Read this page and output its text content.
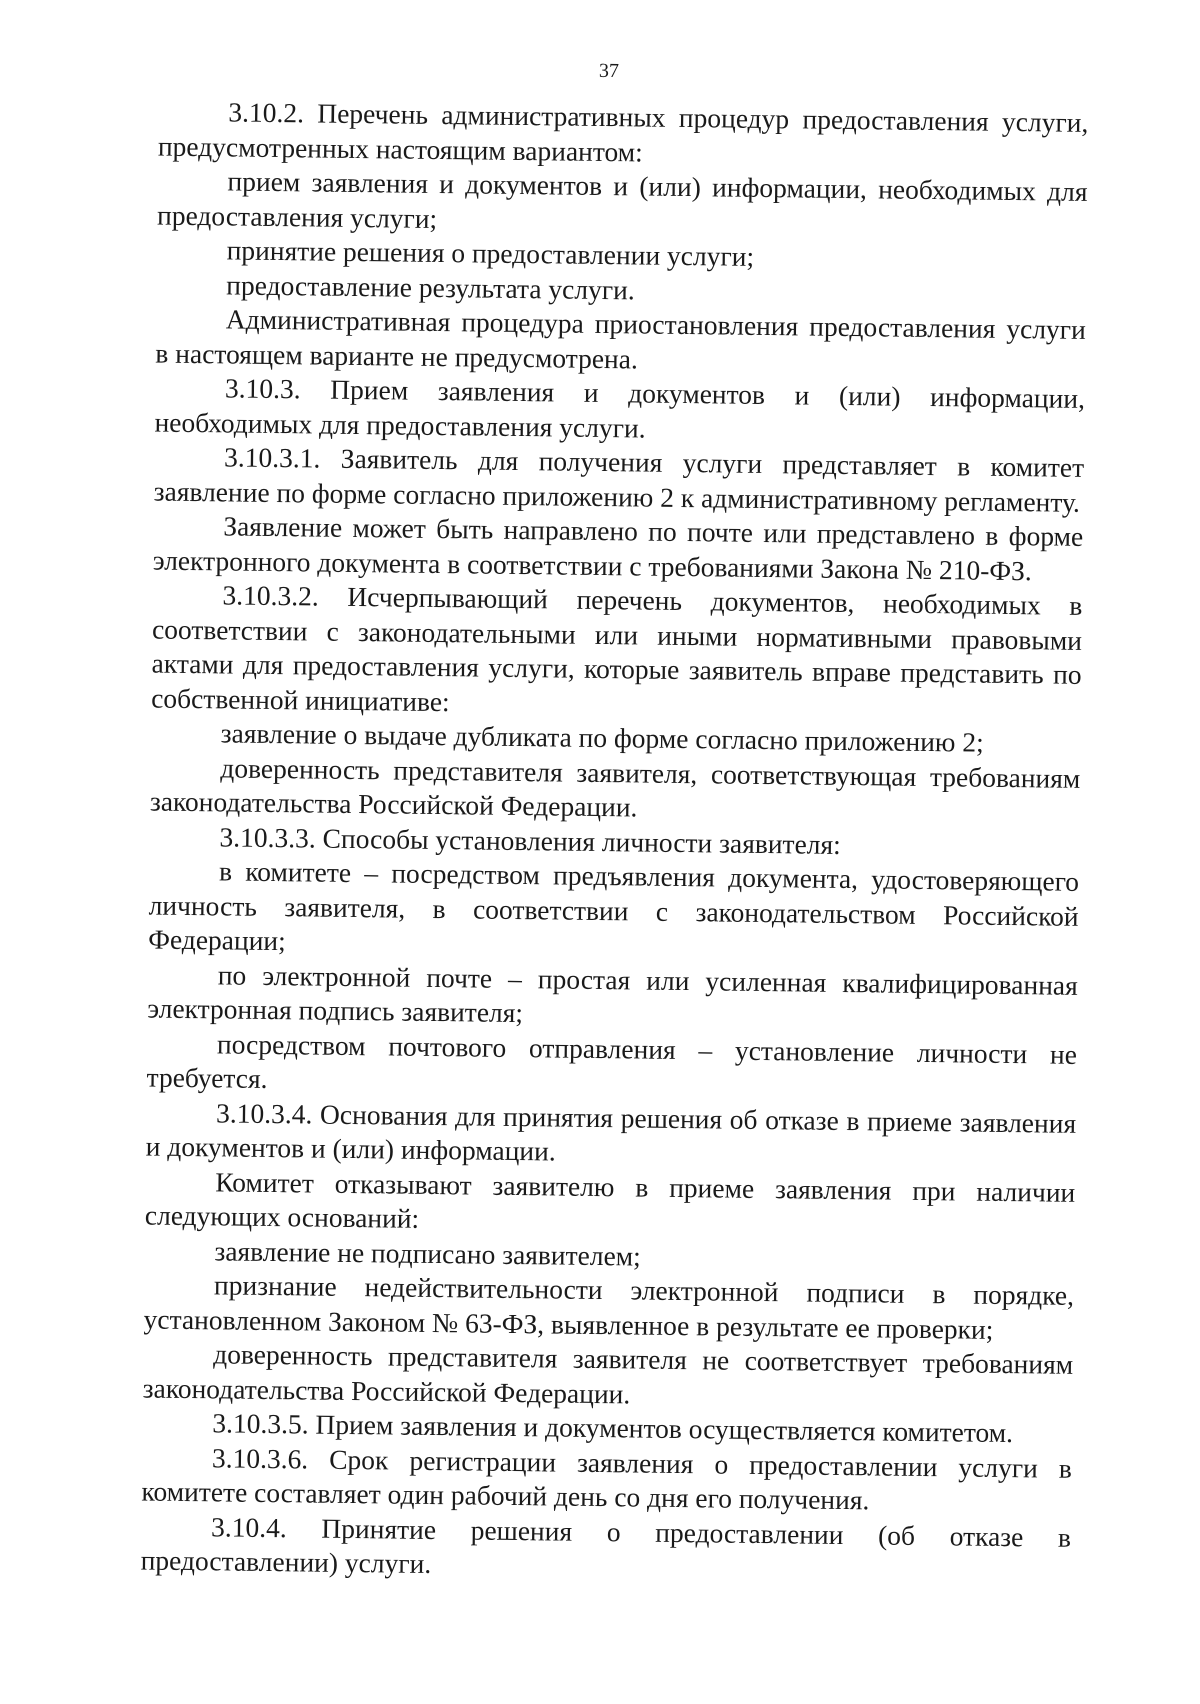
37

3.10.2. Перечень административных процедур предоставления услуги, предусмотренных настоящим вариантом:

прием заявления и документов и (или) информации, необходимых для предоставления услуги;

принятие решения о предоставлении услуги;

предоставление результата услуги.

Административная процедура приостановления предоставления услуги в настоящем варианте не предусмотрена.

3.10.3. Прием заявления и документов и (или) информации, необходимых для предоставления услуги.

3.10.3.1. Заявитель для получения услуги представляет в комитет заявление по форме согласно приложению 2 к административному регламенту.

Заявление может быть направлено по почте или представлено в форме электронного документа в соответствии с требованиями Закона № 210-ФЗ.

3.10.3.2. Исчерпывающий перечень документов, необходимых в соответствии с законодательными или иными нормативными правовыми актами для предоставления услуги, которые заявитель вправе представить по собственной инициативе:

заявление о выдаче дубликата по форме согласно приложению 2;

доверенность представителя заявителя, соответствующая требованиям законодательства Российской Федерации.

3.10.3.3. Способы установления личности заявителя:

в комитете – посредством предъявления документа, удостоверяющего личность заявителя, в соответствии с законодательством Российской Федерации;

по электронной почте – простая или усиленная квалифицированная электронная подпись заявителя;

посредством почтового отправления – установление личности не требуется.

3.10.3.4. Основания для принятия решения об отказе в приеме заявления и документов и (или) информации.

Комитет отказывают заявителю в приеме заявления при наличии следующих оснований:

заявление не подписано заявителем;

признание недействительности электронной подписи в порядке, установленном Законом № 63-ФЗ, выявленное в результате ее проверки;

доверенность представителя заявителя не соответствует требованиям законодательства Российской Федерации.

3.10.3.5. Прием заявления и документов осуществляется комитетом.

3.10.3.6. Срок регистрации заявления о предоставлении услуги в комитете составляет один рабочий день со дня его получения.

3.10.4. Принятие решения о предоставлении (об отказе в предоставлении) услуги.
